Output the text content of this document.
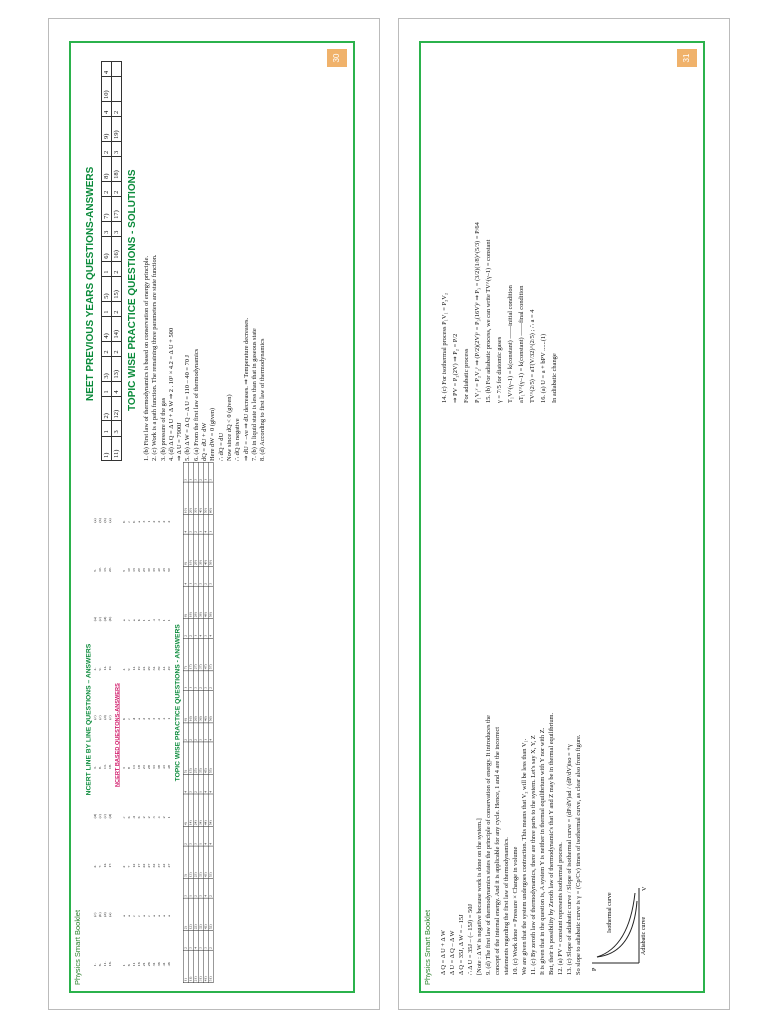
Physics Smart Booklet
NCERT LINE BY LINE QUESTIONS – ANSWERS
1. 6. 11. 16.
(c) (b) (d) (a)
2. 7. 12. 17.
(d) (c) (c) (d)
3. 8. 13. 18.
(c) (c) (d) (c)
4. 9. 14. 19.
(a) (c) (d) (b)
5. 10. 15. 20.
(a) (b) (b) (a)
NCERT BASED QUESTONS-ANSWERS
1 6 11 16 21 26 31 36 41 46
a a c c a c a a a a
2 7 12 17 22 27 32 37 42 47
c b d b 2 2 3 4 2 1
3 8 13 18 23 28 33 38 43 48
b c d a 2 2 3 2 4 1
4 9 14 19 24 29 34 39 44 49
a c a b 1 1 4 4 1 1
5 10 15 20 25 30 35 40 45 50
b c b a 3 1 2 2 2 2
TOPIC WISE PRACTICE QUESTIONS - ANSWERS
1)	2	2)	3	3)	2	4)	4	5)	2	6)	1	7)	2	8)	4	9)	4	10)	3
11)	3	12)	1	13)	3	14)	3	15)	2	16)	1	17)	2	18)	1	19)	3	20)	1
21)	4	22)	2	23)	3	24)	2	25)	2	26)	3	27)	1	28)	3	29)	2	30)	3
31)	3	32)	3	33)	1	34)	1	35)	3	36)	2	37)	4	38)	3	39)	1	40)	2
41)	3	42)	4	43)	4	44)	4	45)	1	46)	3	47)	3	48)	2	49)	4	50)	1
51)	2	52)	2	53)	4	54)	4	55)	4	56)	2	57)	4	58)	3	59)	1	60)	3
30
NEET PREVIOUS YEARS QUESTIONS-ANSWERS
1)	1	2)	1	3)	2	4)	1	5)	1	6)	3	7)	2	8)	2	9)	4	10)	4
11)	3	12)	4	13)	2	14)	2	15)	2	16)	3	17)	2	18)	3	19)	2		
TOPIC WISE PRACTICE QUESTIONS - SOLUTIONS 1. (b) First law of thermodynamics is based on conservation of energy principle. 2. (c) Work is a path function. The remaining three parameters are state function. 3. (b) pressure of the gas 4. (d) Δ Q = Δ U + Δ W ⇒ 2 . 10³ × 4.2 = Δ U + 500 ⇒ Δ U = 7900J 5. (b) Δ W = Δ Q – Δ U = 110 – 40 = 70 J 6. (a) From the first law of thermodynamics dQ = dU + dW Here dW = 0 (given) ∴ dQ = dU Now since dQ < 0 (given) ∴ dQ is negative ⇒ dU = –ve ⇒ dU decreases. ⇒ Temperature decreases. 7. (b) in liquid state is less than that in gaseous state 8. (d) According to first law of thermodynamics
Physics Smart Booklet Δ Q = Δ U + Δ W Δ U = Δ Q – Δ W Δ Q = 35J, Δ W = – 15J ∴ Δ U = 35J – (– 15J) = 50J [Note : Δ W is negative because work is done on the system.] 9. (d) The first law of thermodynamics states the principle of conservation of energy. It introduces the concept of the internal energy. And it is applicable for any cycle. Hence, 1 and 4 are the incorrect statements regarding the first law of thermodynamics. 10. (c) Work done = Pressure × Change in volume We are given that the system undergoes contraction. This means that V₂ will be less than V₁. 11. (c) By zeroth law of thermodynamics, there are three parts to the system. Let's say X, Y, Z It is given that in the question is, A system Y is neither in thermal equilibrium with Y nor with Z. But, their is possibility by Zeroth law of thermodynamic's that Y and Z may be in thermal equilibrium. 12. (a) PV = constant represents isothermal process. 13. (c) Slope of adiabatic curve / Slope of isothermal curve = (dP/dV)ad / (dP/dV)iso = +γ So slope to adiabatic curve is γ = (Cp/Cv) times of isothermal curve, as clear also from figure.	Isothermal curve
Adiabatic curve
P
V
14. (c) For isothermal process P₁V₁ = P₂V₂ ⇒ PV = P₂(2V) ⇒ P₂ = P/2 For adiabatic process P₁V₁ʸ = P₂V₂ʸ ⇒ (P/2)(2V)ʸ = P₃(16V)ʸ ⇒ P₃ = (3/2)(1/8)^(5/3) = P/64 15. (b) For adiabatic process, we can write TV^(γ–1) = constant γ = 7/5 for diatomic gases T₁V^(γ–1) = k(constant) ——initial condition aT₁V^(γ–1) = k(constant) ——final condition TV^(2/5) = aT(V/32)^(2/5) ; ∴ a = 4 16. (a) U = a + bPV ......(1) In adiabatic change
31
